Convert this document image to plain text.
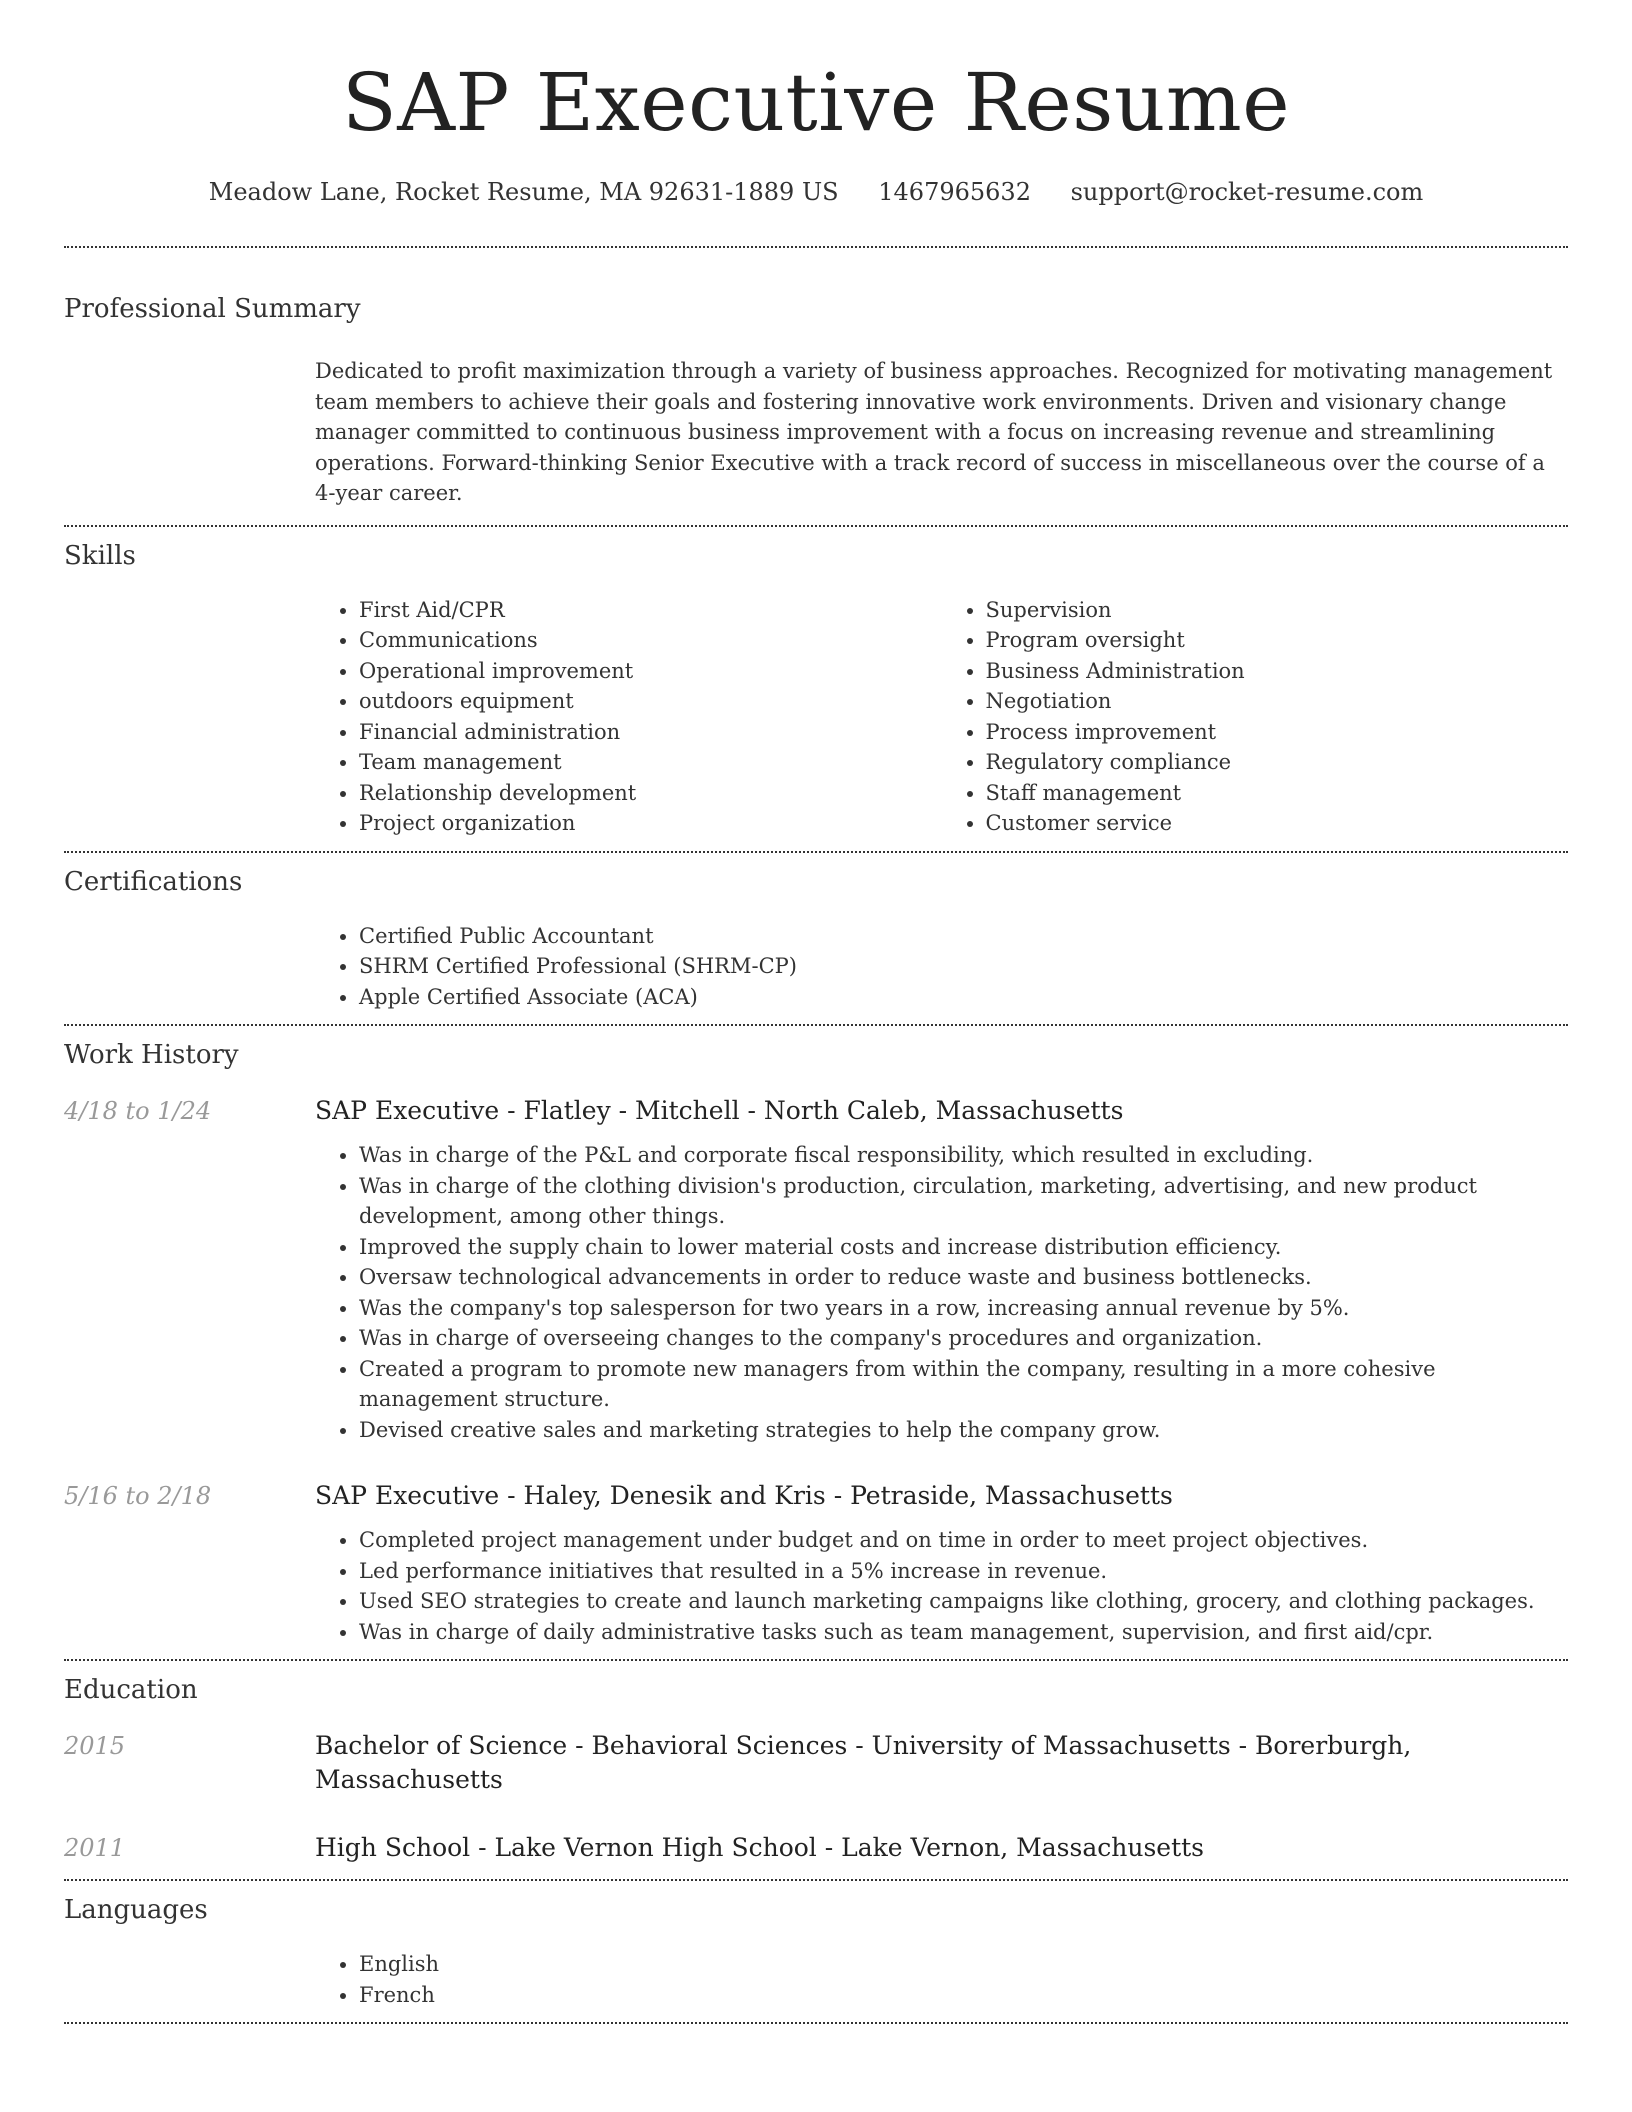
SAP Executive Resume
Meadow Lane, Rocket Resume, MA 92631-1889 US 1467965632 support@rocket-resume.com
Professional Summary
Dedicated to profit maximization through a variety of business approaches. Recognized for motivating management team members to achieve their goals and fostering innovative work environments. Driven and visionary change manager committed to continuous business improvement with a focus on increasing revenue and streamlining operations. Forward-thinking Senior Executive with a track record of success in miscellaneous over the course of a 4-year career.
Skills
• First Aid/CPR
• Communications
• Operational improvement
• outdoors equipment
• Financial administration
• Team management
• Relationship development
• Project organization
• Supervision
• Program oversight
• Business Administration
• Negotiation
• Process improvement
• Regulatory compliance
• Staff management
• Customer service
Certifications
• Certified Public Accountant
• SHRM Certified Professional (SHRM-CP)
• Apple Certified Associate (ACA)
Work History
4/18 to 1/24	SAP Executive - Flatley - Mitchell - North Caleb, Massachusetts
• Was in charge of the P&L and corporate fiscal responsibility, which resulted in excluding.
• Was in charge of the clothing division's production, circulation, marketing, advertising, and new product development, among other things.
• Improved the supply chain to lower material costs and increase distribution efficiency.
• Oversaw technological advancements in order to reduce waste and business bottlenecks.
• Was the company's top salesperson for two years in a row, increasing annual revenue by 5%.
• Was in charge of overseeing changes to the company's procedures and organization.
• Created a program to promote new managers from within the company, resulting in a more cohesive management structure.
• Devised creative sales and marketing strategies to help the company grow.
5/16 to 2/18	SAP Executive - Haley, Denesik and Kris - Petraside, Massachusetts
• Completed project management under budget and on time in order to meet project objectives.
• Led performance initiatives that resulted in a 5% increase in revenue.
• Used SEO strategies to create and launch marketing campaigns like clothing, grocery, and clothing packages.
• Was in charge of daily administrative tasks such as team management, supervision, and first aid/cpr.
Education
2015	Bachelor of Science - Behavioral Sciences - University of Massachusetts - Borerburgh, Massachusetts
2011	High School - Lake Vernon High School - Lake Vernon, Massachusetts
Languages
• English
• French
